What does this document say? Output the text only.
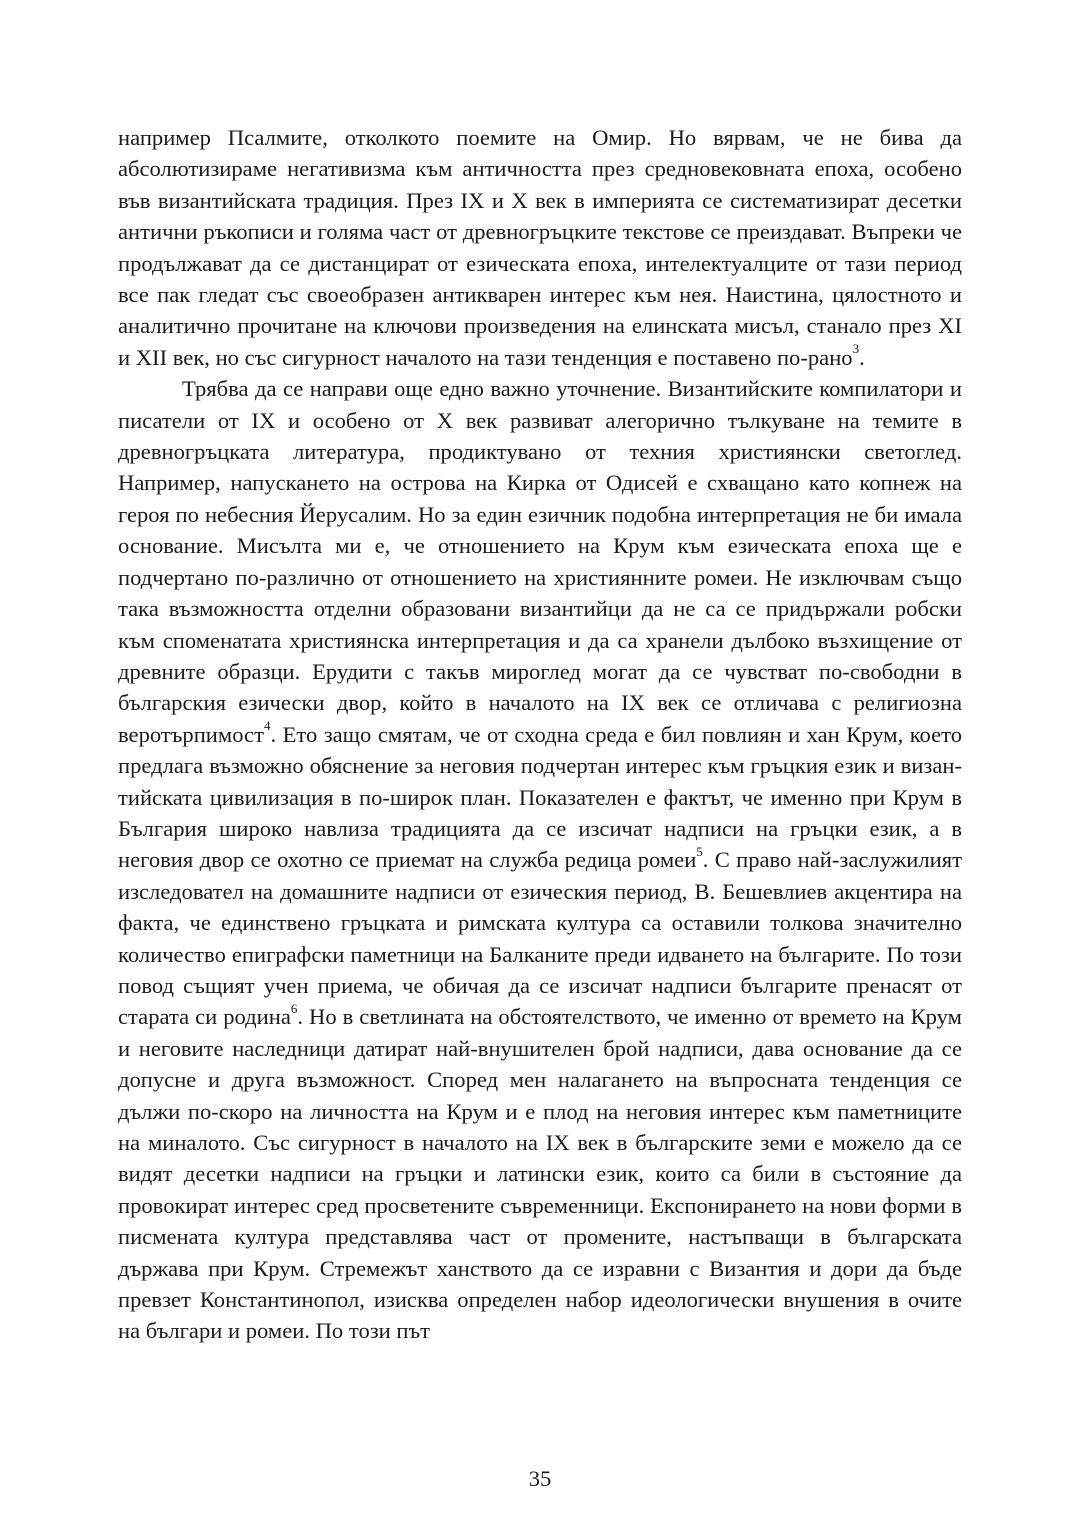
например Псалмите, отколкото поемите на Омир. Но вярвам, че не бива да абсолютизираме негативизма към античността през средновековната епоха, особено във византийската традиция. През IX и X век в империята се систематизират десетки антични ръкописи и голяма част от древногръцките текстове се преиздават. Въпреки че продължават да се дистанцират от езическата епоха, интелектуалците от тази период все пак гледат със своеобразен антикварен интерес към нея. Наистина, цялостното и аналитично прочитане на ключови произведения на елинската мисъл, станало през XI и XII век, но със сигурност началото на тази тенденция е поставено по-рано$^3$.

Трябва да се направи още едно важно уточнение. Византийските компилатори и писатели от IX и особено от X век развиват алегорично тълкуване на темите в древногръцката литература, продиктувано от техния християнски светоглед. Например, напускането на острова на Кирка от Одисей е схващано като копнеж на героя по небесния Йерусалим. Но за един езичник подобна интерпретация не би имала основание. Мисълта ми е, че отношението на Крум към езическата епоха ще е подчертано по-различно от отношението на християнните ромеи. Не изключвам също така възможността отделни образовани византийци да не са се придържали робски към споменатата християнска интерпретация и да са хранели дълбоко възхищение от древните образци. Ерудити с такъв мироглед могат да се чувстват по-свободни в българския езически двор, който в началото на IX век се отличава с религиозна веротърпимост$^4$. Ето защо смятам, че от сходна среда е бил повлиян и хан Крум, което предлага възможно обяснение за неговия подчертан интерес към гръцкия език и византийската цивилизация в по-широк план. Показателен е фактът, че именно при Крум в България широко навлиза традицията да се изсичат надписи на гръцки език, а в неговия двор се охотно се приемат на служба редица ромеи$^5$. С право най-заслужилият изследовател на домашните надписи от езическия период, В. Бешевлиев акцентира на факта, че единствено гръцката и римската култура са оставили толкова значително количество епиграфски паметници на Балканите преди идването на българите. По този повод същият учен приема, че обичая да се изсичат надписи българите пренасят от старата си родина$^6$. Но в светлината на обстоятелството, че именно от времето на Крум и неговите наследници датират най-внушителен брой надписи, дава основание да се допусне и друга възможност. Според мен налагането на въпросната тенденция се дължи по-скоро на личността на Крум и е плод на неговия интерес към паметниците на миналото. Със сигурност в началото на IX век в българските земи е можело да се видят десетки надписи на гръцки и латински език, които са били в състояние да провокират интерес сред просветените съвременници. Експонирането на нови форми в писмената култура представлява част от промените, настъпващи в българската държава при Крум. Стремежът ханството да се изравни с Византия и дори да бъде превзет Константинопол, изисква определен набор идеологически внушения в очите на българи и ромеи. По този път

35
